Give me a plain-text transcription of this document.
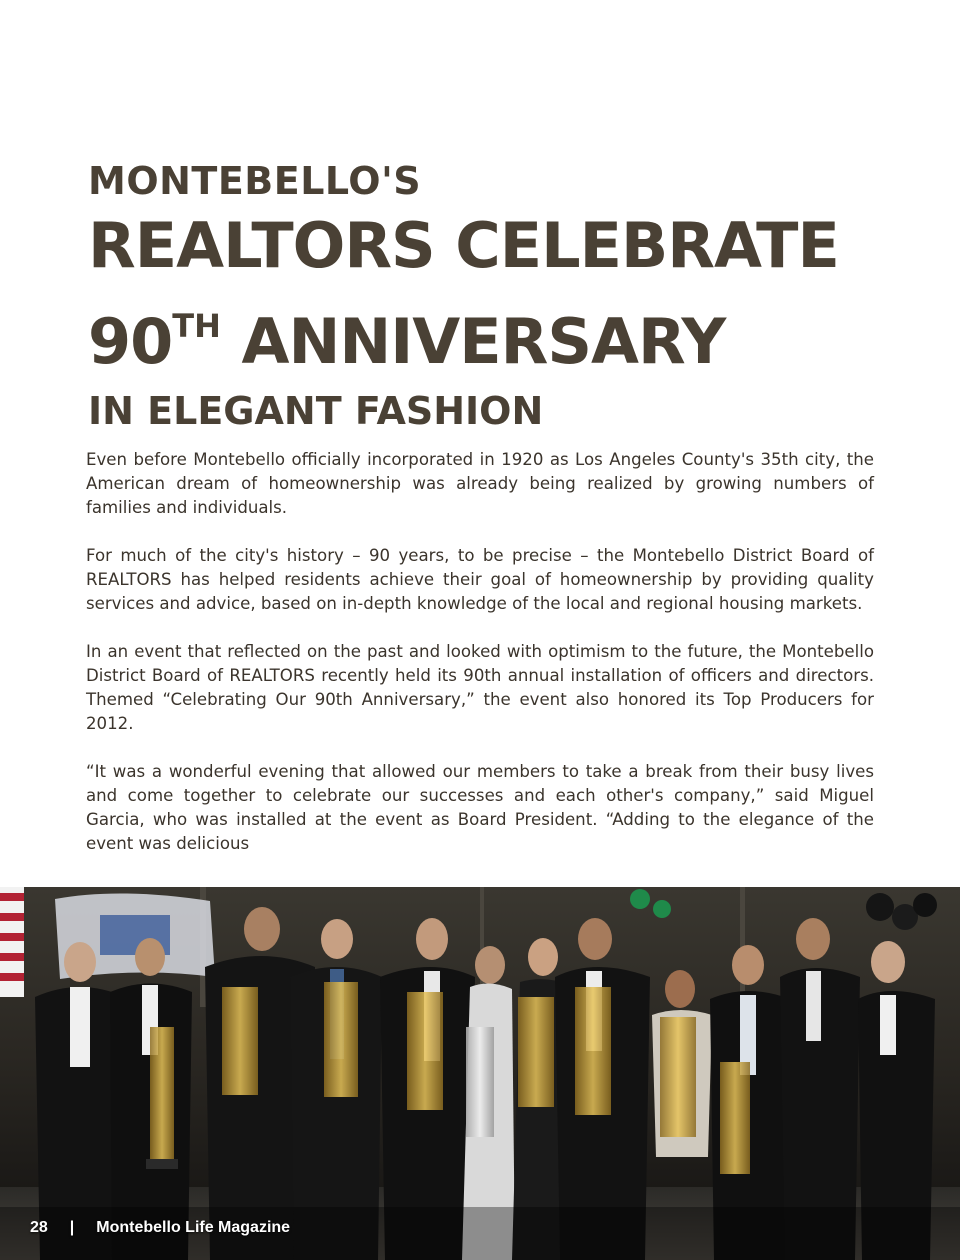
MONTEBELLO'S
REALTORS CELEBRATE
90TH ANNIVERSARY
IN ELEGANT FASHION

Even before Montebello officially incorporated in 1920 as Los Angeles County's 35th city, the American dream of homeownership was already being realized by growing numbers of families and individuals.

For much of the city's history – 90 years, to be precise – the Montebello District Board of REALTORS has helped residents achieve their goal of homeownership by providing quality services and advice, based on in-depth knowledge of the local and regional housing markets.

In an event that reflected on the past and looked with optimism to the future, the Montebello District Board of REALTORS recently held its 90th annual installation of officers and directors. Themed “Celebrating Our 90th Anniversary,” the event also honored its Top Producers for 2012.

“It was a wonderful evening that allowed our members to take a break from their busy lives and come together to celebrate our successes and each other's company,” said Miguel Garcia, who was installed at the event as Board President. “Adding to the elegance of the event was delicious

28 | Montebello Life Magazine
